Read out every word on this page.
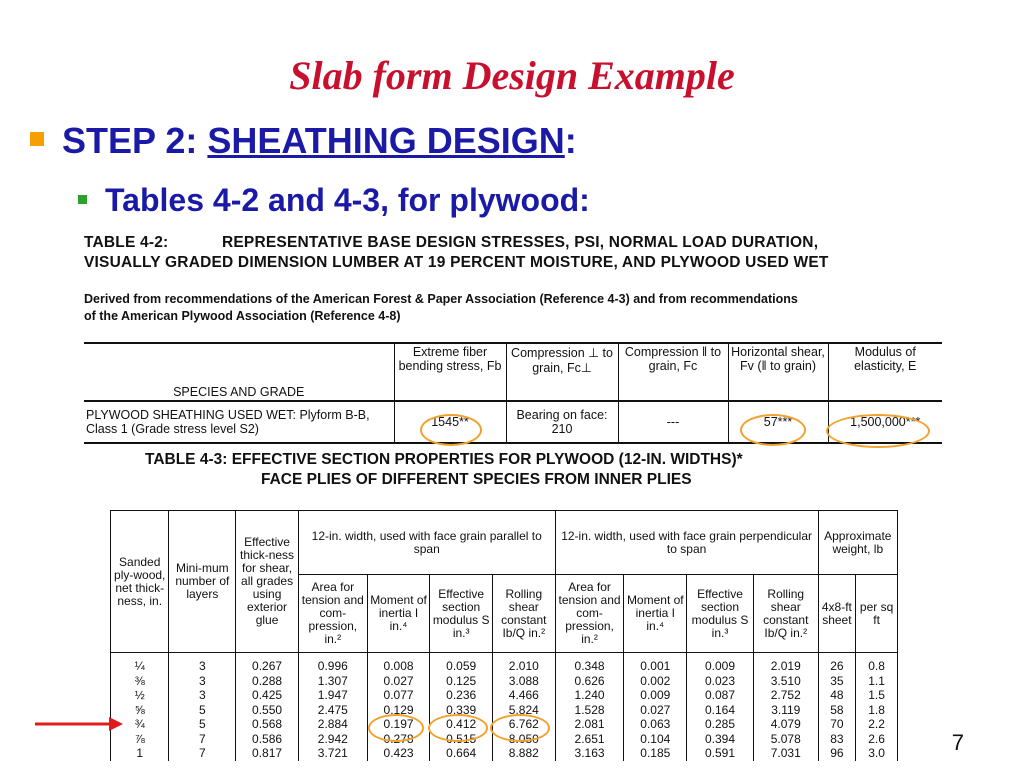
Slab form Design Example
STEP 2: SHEATHING DESIGN:
Tables 4-2 and 4-3, for plywood:
TABLE 4-2:	REPRESENTATIVE BASE DESIGN STRESSES, PSI, NORMAL LOAD DURATION,
VISUALLY GRADED DIMENSION LUMBER AT 19 PERCENT MOISTURE, AND PLYWOOD USED WET
Derived from recommendations of the American Forest & Paper Association (Reference 4-3) and from recommendations
of the American Plywood Association (Reference 4-8)
SPECIES AND GRADE	Extreme fiber bending stress, Fb	Compression ⊥ to grain, Fc⊥	Compression ‖ to grain, Fc	Horizontal shear, Fv (‖ to grain)	Modulus of elasticity, E
PLYWOOD SHEATHING USED WET: Plyform B-B, Class 1 (Grade stress level S2)	1545**	Bearing on face: 210	---	57***	1,500,000***
TABLE 4-3: EFFECTIVE SECTION PROPERTIES FOR PLYWOOD (12-IN. WIDTHS)*
FACE PLIES OF DIFFERENT SPECIES FROM INNER PLIES
Sanded ply-wood, net thick-ness, in.	Mini-mum number of layers	Effective thick-ness for shear, all grades using exterior glue	12-in. width, used with face grain parallel to span				12-in. width, used with face grain perpendicular to span				Approximate weight, lb	
			Area for tension and com-pression, in.²	Moment of inertia I in.⁴	Effective section modulus S in.³	Rolling shear constant Ib/Q in.²	Area for tension and com-pression, in.²	Moment of inertia I in.⁴	Effective section modulus S in.³	Rolling shear constant Ib/Q in.²	4x8-ft sheet	per sq ft
¼	3	0.267	0.996	0.008	0.059	2.010	0.348	0.001	0.009	2.019	26	0.8
⅜	3	0.288	1.307	0.027	0.125	3.088	0.626	0.002	0.023	3.510	35	1.1
½	3	0.425	1.947	0.077	0.236	4.466	1.240	0.009	0.087	2.752	48	1.5
⅝	5	0.550	2.475	0.129	0.339	5.824	1.528	0.027	0.164	3.119	58	1.8
¾	5	0.568	2.884	0.197	0.412	6.762	2.081	0.063	0.285	4.079	70	2.2
⅞	7	0.586	2.942	0.278	0.515	8.050	2.651	0.104	0.394	5.078	83	2.6
1	7	0.817	3.721	0.423	0.664	8.882	3.163	0.185	0.591	7.031	96	3.0	7
